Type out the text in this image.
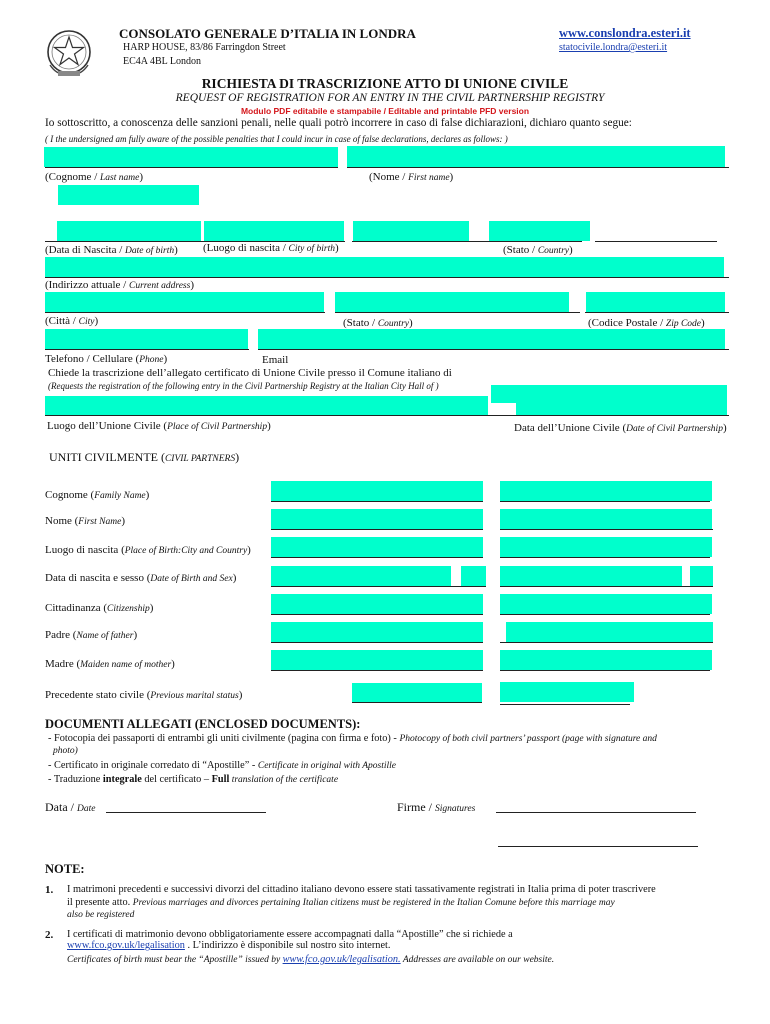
CONSOLATO GENERALE D’ITALIA IN LONDRA
HARP HOUSE, 83/86 Farringdon Street
EC4A 4BL London
www.conslondra.esteri.it
statocivile.londra@esteri.it
RICHIESTA DI TRASCRIZIONE ATTO DI UNIONE CIVILE
REQUEST OF REGISTRATION FOR AN ENTRY IN THE CIVIL PARTNERSHIP REGISTRY
Modulo PDF editabile e stampabile / Editable and printable PFD version
Io sottoscritto, a conoscenza delle sanzioni penali, nelle quali potrò incorrere in caso di false dichiarazioni, dichiaro quanto segue:
( I the undersigned am fully aware of the possible penalties that I could incur in case of false declarations, declares as follows: )
(Cognome / Last name)	(Nome / First name)
(Data di Nascita / Date of birth) (Luogo di nascita / City of birth)	(Stato / Country)
(Indirizzo attuale / Current address)
(Città / City)	(Stato / Country)	(Codice Postale / Zip Code)
Telefono / Cellulare (Phone)	Email
Chiede la trascrizione dell’allegato certificato di Unione Civile presso il Comune italiano di
(Requests the registration of the following entry in the Civil Partnership Registry at the Italian City Hall of )
Luogo dell’Unione Civile (Place of Civil Partnership)	Data dell’Unione Civile (Date of Civil Partnership)
UNITI CIVILMENTE (CIVIL PARTNERS)
Cognome (Family Name)
Nome (First Name)
Luogo di nascita (Place of Birth:City and Country)
Data di nascita e sesso (Date of Birth and Sex)
Cittadinanza (Citizenship)
Padre (Name of father)
Madre (Maiden name of mother)
Precedente stato civile (Previous marital status)
DOCUMENTI ALLEGATI (ENCLOSED DOCUMENTS):
- Fotocopia dei passaporti di entrambi gli uniti civilmente (pagina con firma e foto) - Photocopy of both civil partners’ passport (page with signature and
photo)
- Certificato in originale corredato di “Apostille” - Certificate in original with Apostille
- Traduzione integrale del certificato – Full translation of the certificate
Data / Date	Firme / Signatures
NOTE:
1. I matrimoni precedenti e successivi divorzi del cittadino italiano devono essere stati tassativamente registrati in Italia prima di poter trascrivere
il presente atto. Previous marriages and divorces pertaining Italian citizens must be registered in the Italian Comune before this marriage may
also be registered
2. I certificati di matrimonio devono obbligatoriamente essere accompagnati dalla “Apostille” che si richiede a
www.fco.gov.uk/legalisation . L’indirizzo è disponibile sul nostro sito internet.
Certificates of birth must bear the “Apostille” issued by www.fco.gov.uk/legalisation. Addresses are available on our website.
